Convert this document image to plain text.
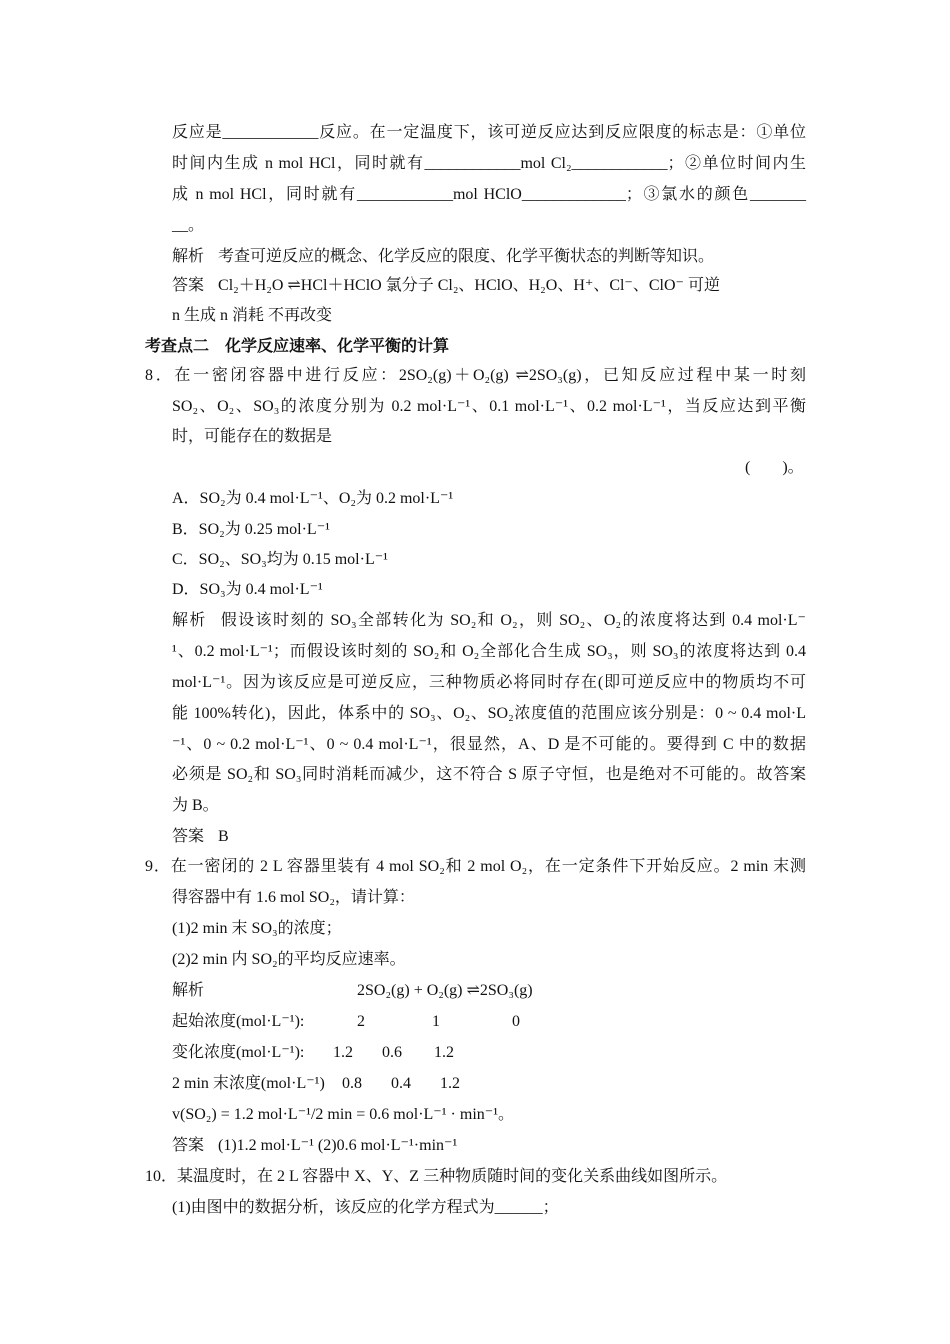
反应是____________反应。在一定温度下，该可逆反应达到反应限度的标志是：①单位
时间内生成 n mol HCl，同时就有____________mol Cl₂____________；②单位时间内生
成 n mol HCl，同时就有____________mol HClO_____________；③氯水的颜色_______
__。
解析 考查可逆反应的概念、化学反应的限度、化学平衡状态的判断等知识。
答案 Cl₂＋H₂O ⇌HCl＋HClO 氯分子 Cl₂、HClO、H₂O、H⁺、Cl⁻、ClO⁻ 可逆
n 生成 n 消耗 不再改变
考查点二　化学反应速率、化学平衡的计算
8．在一密闭容器中进行反应：2SO₂(g)＋O₂(g) ⇌2SO₃(g)，已知反应过程中某一时刻
SO₂、O₂、SO₃的浓度分别为 0.2 mol·L⁻¹、0.1 mol·L⁻¹、0.2 mol·L⁻¹，当反应达到平衡
时，可能存在的数据是
(　　)。
A．SO₂为 0.4 mol·L⁻¹、O₂为 0.2 mol·L⁻¹
B．SO₂为 0.25 mol·L⁻¹
C．SO₂、SO₃均为 0.15 mol·L⁻¹
D．SO₃为 0.4 mol·L⁻¹
解析 假设该时刻的 SO₃全部转化为 SO₂和 O₂，则 SO₂、O₂的浓度将达到 0.4 mol·L⁻
¹、0.2 mol·L⁻¹；而假设该时刻的 SO₂和 O₂全部化合生成 SO₃，则 SO₃的浓度将达到 0.4
mol·L⁻¹。因为该反应是可逆反应，三种物质必将同时存在(即可逆反应中的物质均不可
能 100%转化)，因此，体系中的 SO₃、O₂、SO₂浓度值的范围应该分别是：0 ~ 0.4 mol·L
⁻¹、0 ~ 0.2 mol·L⁻¹、0 ~ 0.4 mol·L⁻¹，很显然，A、D 是不可能的。要得到 C 中的数据
必须是 SO₂和 SO₃同时消耗而减少，这不符合 S 原子守恒，也是绝对不可能的。故答案
为 B。
答案 B
9．在一密闭的 2 L 容器里装有 4 mol SO₂和 2 mol O₂，在一定条件下开始反应。2 min 末测
得容器中有 1.6 mol SO₂，请计算：
(1)2 min 末 SO₃的浓度；
(2)2 min 内 SO₂的平均反应速率。
解析	2SO₂(g) + O₂(g) ⇌2SO₃(g)
起始浓度(mol·L⁻¹):	2	1	0
变化浓度(mol·L⁻¹): 1.2 0.6 1.2
2 min 末浓度(mol·L⁻¹) 0.8 0.4 1.2
v(SO₂) = 1.2 mol·L⁻¹/2 min = 0.6 mol·L⁻¹ · min⁻¹。
答案 (1)1.2 mol·L⁻¹ (2)0.6 mol·L⁻¹·min⁻¹
10．某温度时，在 2 L 容器中 X、Y、Z 三种物质随时间的变化关系曲线如图所示。
(1)由图中的数据分析，该反应的化学方程式为______；
